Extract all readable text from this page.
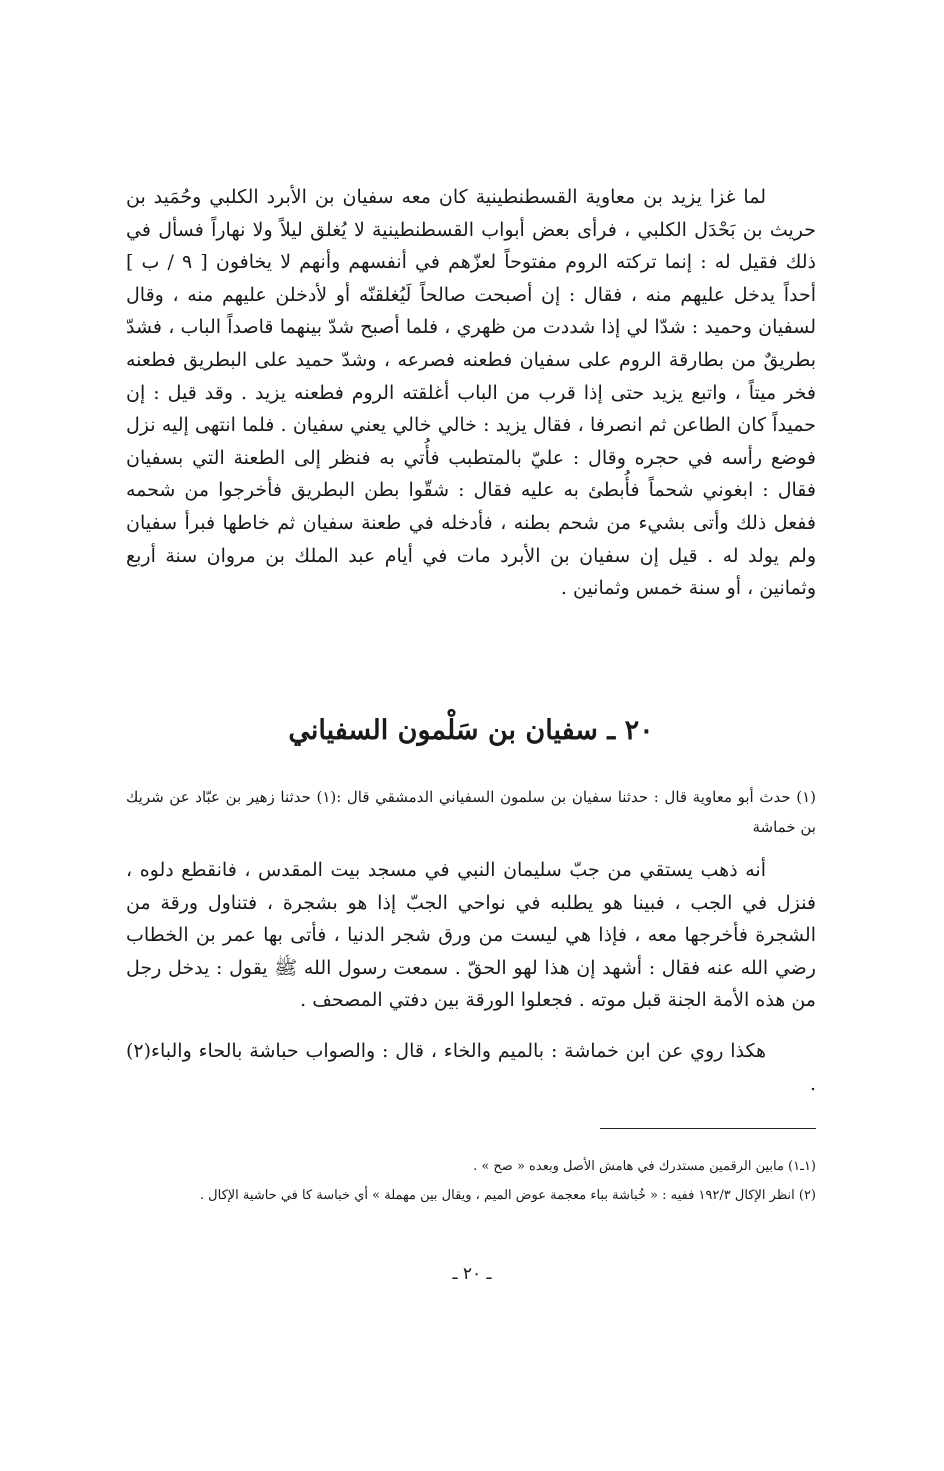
لما غزا يزيد بن معاوية القسطنطينية كان معه سفيان بن الأبرد الكلبي وحُمَيد بن حريث بن بَحْدَل الكلبي ، فرأى بعض أبواب القسطنطينية لا يُغلق ليلاً ولا نهاراً فسأل في ذلك فقيل له : إنما تركته الروم مفتوحاً لعزّهم في أنفسهم وأنهم لا يخافون [ ٩ / ب ] أحداً يدخل عليهم منه ، فقال : إن أصبحت صالحاً لَيُغلقنّه أو لأدخلن عليهم منه ، وقال لسفيان وحميد : شدّا لي إذا شددت من ظهري ، فلما أصبح شدّ بينهما قاصداً الباب ، فشدّ بطريقٌ من بطارقة الروم على سفيان فطعنه فصرعه ، وشدّ حميد على البطريق فطعنه فخر ميتاً ، واتبع يزيد حتى إذا قرب من الباب أغلقته الروم فطعنه يزيد . وقد قيل : إن حميداً كان الطاعن ثم انصرفا ، فقال يزيد : خالي خالي يعني سفيان . فلما انتهى إليه نزل فوضع رأسه في حجره وقال : عليّ بالمتطبب فأُتي به فنظر إلى الطعنة التي بسفيان فقال : ابغوني شحماً فأُبطئ به عليه فقال : شقّوا بطن البطريق فأخرجوا من شحمه ففعل ذلك وأتى بشيء من شحم بطنه ، فأدخله في طعنة سفيان ثم خاطها فبرأ سفيان ولم يولد له . قيل إن سفيان بن الأبرد مات في أيام عبد الملك بن مروان سنة أربع وثمانين ، أو سنة خمس وثمانين .

٢٠ ـ سفيان بن سَلْمون السفياني

(١) حدث أبو معاوية قال : حدثنا سفيان بن سلمون السفياني الدمشقي قال :(١) حدثنا زهير بن عبّاد عن شريك بن خماشة

أنه ذهب يستقي من جبّ سليمان النبي في مسجد بيت المقدس ، فانقطع دلوه ، فنزل في الجب ، فبينا هو يطلبه في نواحي الجبّ إذا هو بشجرة ، فتناول ورقة من الشجرة فأخرجها معه ، فإذا هي ليست من ورق شجر الدنيا ، فأتى بها عمر بن الخطاب رضي الله عنه فقال : أشهد إن هذا لهو الحقّ . سمعت رسول الله ﷺ يقول : يدخل رجل من هذه الأمة الجنة قبل موته . فجعلوا الورقة بين دفتي المصحف .

هكذا روي عن ابن خماشة : بالميم والخاء ، قال : والصواب حباشة بالحاء والباء(٢) .

(١ـ١) مابين الرقمين مستدرك في هامش الأصل وبعده « صح » .

(٢) انظر الإكال ١٩٢/٣ ففيه : « خُباشة بباء معجمة عوض الميم ، ويقال بين مهملة » أي خباسة كا في حاشية الإكال .

ـ ٢٠ ـ
